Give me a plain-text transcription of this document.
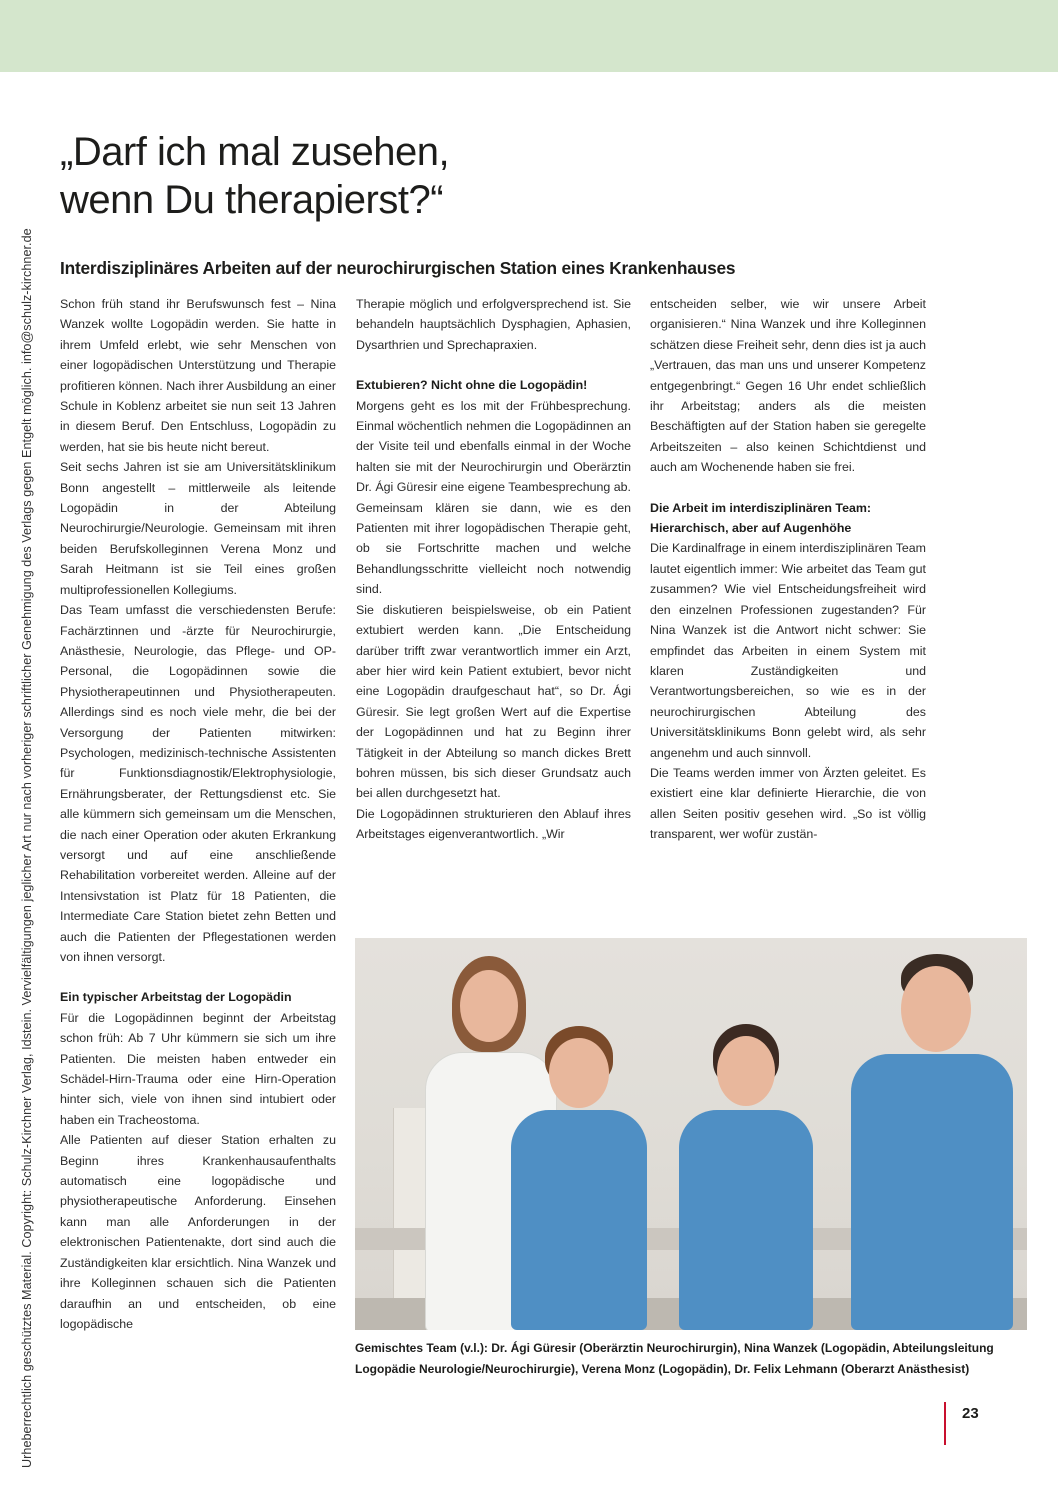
Urheberrechtlich geschütztes Material. Copyright: Schulz-Kirchner Verlag, Idstein. Vervielfältigungen jeglicher Art nur nach vorheriger schriftlicher Genehmigung des Verlags gegen Entgelt möglich. info@schulz-kirchner.de
„Darf ich mal zusehen,
wenn Du therapierst?“
Interdisziplinäres Arbeiten auf der neurochirurgischen Station eines Krankenhauses

Schon früh stand ihr Berufswunsch fest – Nina Wanzek wollte Logopädin werden. Sie hatte in ihrem Umfeld erlebt, wie sehr Menschen von einer logopädischen Unterstützung und Therapie profitieren können. Nach ihrer Ausbildung an einer Schule in Koblenz arbeitet sie nun seit 13 Jahren in diesem Beruf. Den Entschluss, Logopädin zu werden, hat sie bis heute nicht bereut.

Seit sechs Jahren ist sie am Universitätsklinikum Bonn angestellt – mittlerweile als leitende Logopädin in der Abteilung Neurochirurgie/Neurologie. Gemeinsam mit ihren beiden Berufskolleginnen Verena Monz und Sarah Heitmann ist sie Teil eines großen multiprofessionellen Kollegiums.

Das Team umfasst die verschiedensten Berufe: Fachärztinnen und -ärzte für Neurochirurgie, Anästhesie, Neurologie, das Pflege- und OP-Personal, die Logopädinnen sowie die Physiotherapeutinnen und Physiotherapeuten. Allerdings sind es noch viele mehr, die bei der Versorgung der Patienten mitwirken: Psychologen, medizinisch-technische Assistenten für Funktionsdiagnostik/Elektrophysiologie, Ernährungsberater, der Rettungsdienst etc. Sie alle kümmern sich gemeinsam um die Menschen, die nach einer Operation oder akuten Erkrankung versorgt und auf eine anschließende Rehabilitation vorbereitet werden. Alleine auf der Intensivstation ist Platz für 18 Patienten, die Intermediate Care Station bietet zehn Betten und auch die Patienten der Pflegestationen werden von ihnen versorgt.

Ein typischer Arbeitstag der Logopädin

Für die Logopädinnen beginnt der Arbeitstag schon früh: Ab 7 Uhr kümmern sie sich um ihre Patienten. Die meisten haben entweder ein Schädel-Hirn-Trauma oder eine Hirn-Operation hinter sich, viele von ihnen sind intubiert oder haben ein Tracheostoma.

Alle Patienten auf dieser Station erhalten zu Beginn ihres Krankenhausaufenthalts automatisch eine logopädische und physiotherapeutische Anforderung. Einsehen kann man alle Anforderungen in der elektronischen Patientenakte, dort sind auch die Zuständigkeiten klar ersichtlich. Nina Wanzek und ihre Kolleginnen schauen sich die Patienten daraufhin an und entscheiden, ob eine logopädische

Therapie möglich und erfolgversprechend ist. Sie behandeln hauptsächlich Dysphagien, Aphasien, Dysarthrien und Sprechapraxien.

Extubieren? Nicht ohne die Logopädin!

Morgens geht es los mit der Frühbesprechung. Einmal wöchentlich nehmen die Logopädinnen an der Visite teil und ebenfalls einmal in der Woche halten sie mit der Neurochirurgin und Oberärztin Dr. Ági Güresir eine eigene Teambesprechung ab. Gemeinsam klären sie dann, wie es den Patienten mit ihrer logopädischen Therapie geht, ob sie Fortschritte machen und welche Behandlungsschritte vielleicht noch notwendig sind.

Sie diskutieren beispielsweise, ob ein Patient extubiert werden kann. „Die Entscheidung darüber trifft zwar verantwortlich immer ein Arzt, aber hier wird kein Patient extubiert, bevor nicht eine Logopädin draufgeschaut hat“, so Dr. Ági Güresir. Sie legt großen Wert auf die Expertise der Logopädinnen und hat zu Beginn ihrer Tätigkeit in der Abteilung so manch dickes Brett bohren müssen, bis sich dieser Grundsatz auch bei allen durchgesetzt hat.

Die Logopädinnen strukturieren den Ablauf ihres Arbeitstages eigenverantwortlich. „Wir

entscheiden selber, wie wir unsere Arbeit organisieren.“ Nina Wanzek und ihre Kolleginnen schätzen diese Freiheit sehr, denn dies ist ja auch „Vertrauen, das man uns und unserer Kompetenz entgegenbringt.“ Gegen 16 Uhr endet schließlich ihr Arbeitstag; anders als die meisten Beschäftigten auf der Station haben sie geregelte Arbeitszeiten – also keinen Schichtdienst und auch am Wochenende haben sie frei.

Die Arbeit im interdisziplinären Team:
Hierarchisch, aber auf Augenhöhe

Die Kardinalfrage in einem interdisziplinären Team lautet eigentlich immer: Wie arbeitet das Team gut zusammen? Wie viel Entscheidungsfreiheit wird den einzelnen Professionen zugestanden? Für Nina Wanzek ist die Antwort nicht schwer: Sie empfindet das Arbeiten in einem System mit klaren Zuständigkeiten und Verantwortungsbereichen, so wie es in der neurochirurgischen Abteilung des Universitätsklinikums Bonn gelebt wird, als sehr angenehm und auch sinnvoll.

Die Teams werden immer von Ärzten geleitet. Es existiert eine klar definierte Hierarchie, die von allen Seiten positiv gesehen wird. „So ist völlig transparent, wer wofür zustän-

Gemischtes Team (v.l.): Dr. Ági Güresir (Oberärztin Neurochirurgin), Nina Wanzek (Logopädin, Abteilungsleitung Logopädie Neurologie/Neurochirurgie), Verena Monz (Logopädin), Dr. Felix Lehmann (Oberarzt Anästhesist)

23
